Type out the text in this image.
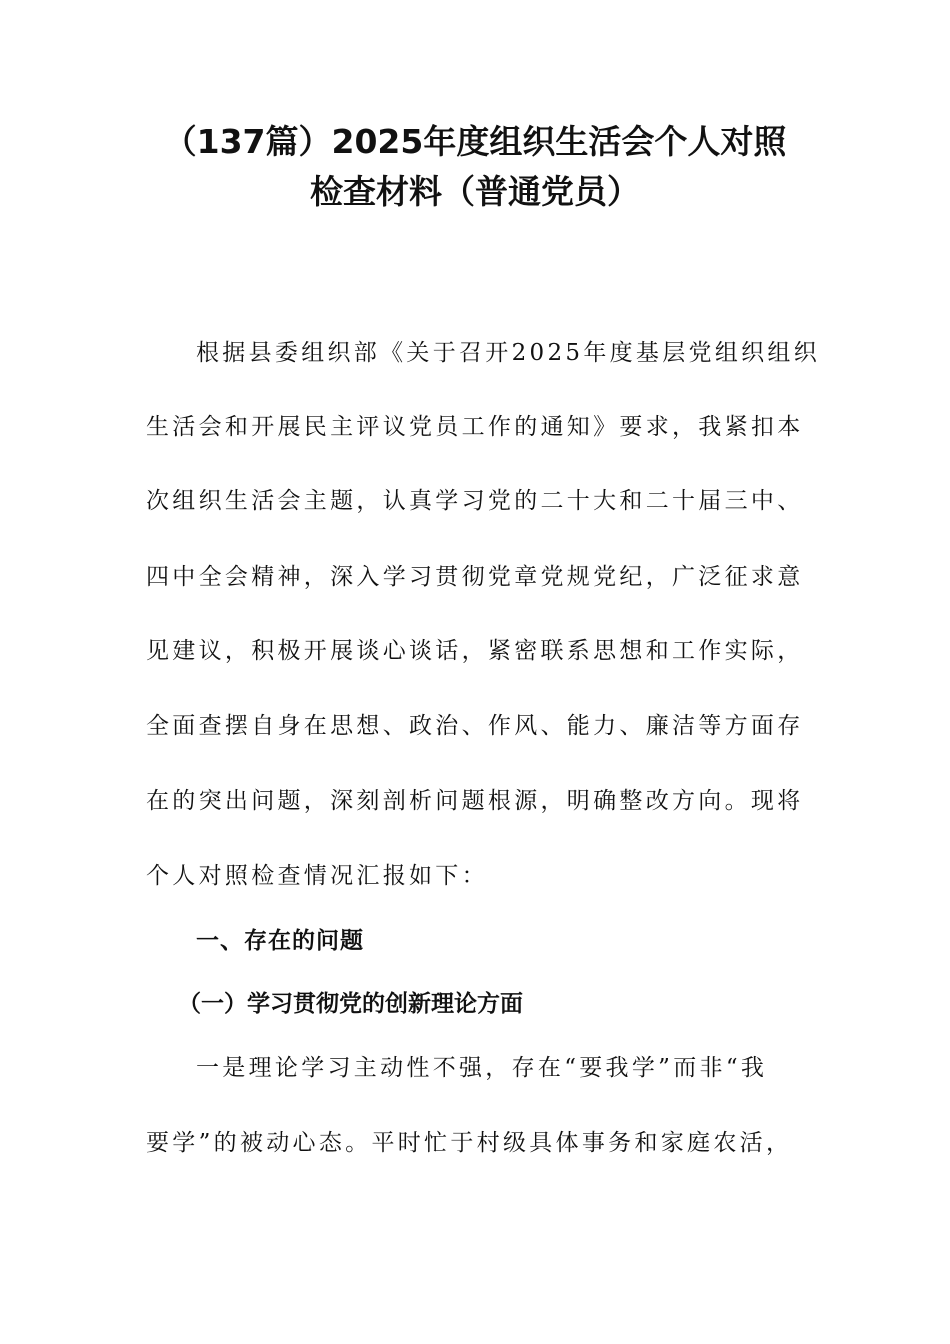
（137篇）2025年度组织生活会个人对照
检查材料（普通党员）
根据县委组织部《关于召开2025年度基层党组织组织
生活会和开展民主评议党员工作的通知》要求，我紧扣本
次组织生活会主题，认真学习党的二十大和二十届三中、
四中全会精神，深入学习贯彻党章党规党纪，广泛征求意
见建议，积极开展谈心谈话，紧密联系思想和工作实际，
全面查摆自身在思想、政治、作风、能力、廉洁等方面存
在的突出问题，深刻剖析问题根源，明确整改方向。现将
个人对照检查情况汇报如下：
一、存在的问题
（一）学习贯彻党的创新理论方面
一是理论学习主动性不强，存在“要我学”而非“我
要学”的被动心态。平时忙于村级具体事务和家庭农活，
